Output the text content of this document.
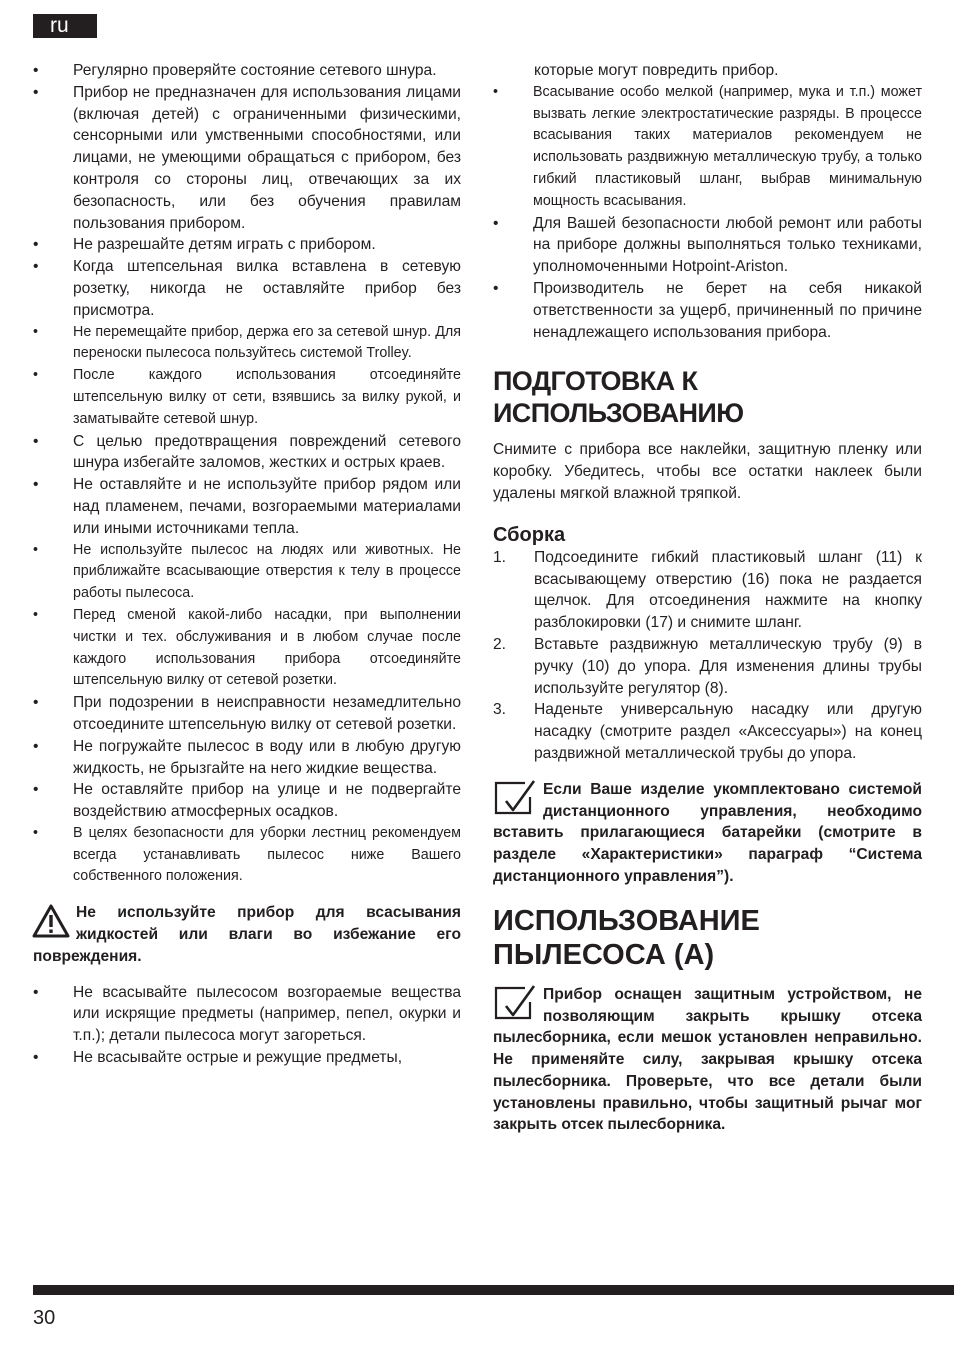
ru
• Регулярно проверяйте состояние сетевого шнура.
• Прибор не предназначен для использования лицами (включая детей) с ограниченными физическими, сенсорными или умственными способностями, или лицами, не умеющими обращаться с прибором, без контроля со стороны лиц, отвечающих за их безопасность, или без обучения правилам пользования прибором.
• Не разрешайте детям играть с прибором.
• Когда штепсельная вилка вставлена в сетевую розетку, никогда не оставляйте прибор без присмотра.
• Не перемещайте прибор, держа его за сетевой шнур. Для переноски пылесоса пользуйтесь системой Trolley.
• После каждого использования отсоединяйте штепсельную вилку от сети, взявшись за вилку рукой, и заматывайте сетевой шнур.
• С целью предотвращения повреждений сетевого шнура избегайте заломов, жестких и острых краев.
• Не оставляйте и не используйте прибор рядом или над пламенем, печами, возгораемыми материалами или иными источниками тепла.
• Не используйте пылесос на людях или животных. Не приближайте всасывающие отверстия к телу в процессе работы пылесоса.
• Перед сменой какой-либо насадки, при выполнении чистки и тех. обслуживания и в любом случае после каждого использования прибора отсоединяйте штепсельную вилку от сетевой розетки.
• При подозрении в неисправности незамедлительно отсоедините штепсельную вилку от сетевой розетки.
• Не погружайте пылесос в воду или в любую другую жидкость, не брызгайте на него жидкие вещества.
• Не оставляйте прибор на улице и не подвергайте воздействию атмосферных осадков.
• В целях безопасности для уборки лестниц рекомендуем всегда устанавливать пылесос ниже Вашего собственного положения.
Не используйте прибор для всасывания жидкостей или влаги во избежание его повреждения.
• Не всасывайте пылесосом возгораемые вещества или искрящие предметы (например, пепел, окурки и т.п.); детали пылесоса могут загореться.
• Не всасывайте острые и режущие предметы,

которые могут повредить прибор.

• Всасывание особо мелкой (например, мука и т.п.) может вызвать легкие электростатические разряды. В процессе всасывания таких материалов рекомендуем не использовать раздвижную металлическую трубу, а только гибкий пластиковый шланг, выбрав минимальную мощность всасывания.
• Для Вашей безопасности любой ремонт или работы на приборе должны выполняться только техниками, уполномоченными Hotpoint-Ariston.
• Производитель не берет на себя никакой ответственности за ущерб, причиненный по причине ненадлежащего использования прибора.
ПОДГОТОВКА К ИСПОЛЬЗОВАНИЮ

Снимите с прибора все наклейки, защитную пленку или коробку. Убедитесь, чтобы все остатки наклеек были удалены мягкой влажной тряпкой.

Сборка
1. Подсоедините гибкий пластиковый шланг (11) к всасывающему отверстию (16) пока не раздается щелчок. Для отсоединения нажмите на кнопку разблокировки (17) и снимите шланг.
2. Вставьте раздвижную металлическую трубу (9) в ручку (10) до упора. Для изменения длины трубы используйте регулятор (8).
3. Наденьте универсальную насадку или другую насадку (смотрите раздел «Аксессуары») на конец раздвижной металлической трубы до упора.
Если Ваше изделие укомплектовано системой дистанционного управления, необходимо вставить прилагающиеся батарейки (смотрите в разделе «Характеристики» параграф “Система дистанционного управления”).
ИСПОЛЬЗОВАНИЕ ПЫЛЕСОСА (A)
Прибор оснащен защитным устройством, не позволяющим закрыть крышку отсека пылесборника, если мешок установлен неправильно. Не применяйте силу, закрывая крышку отсека пылесборника. Проверьте, что все детали были установлены правильно, чтобы защитный рычаг мог закрыть отсек пылесборника.
30
